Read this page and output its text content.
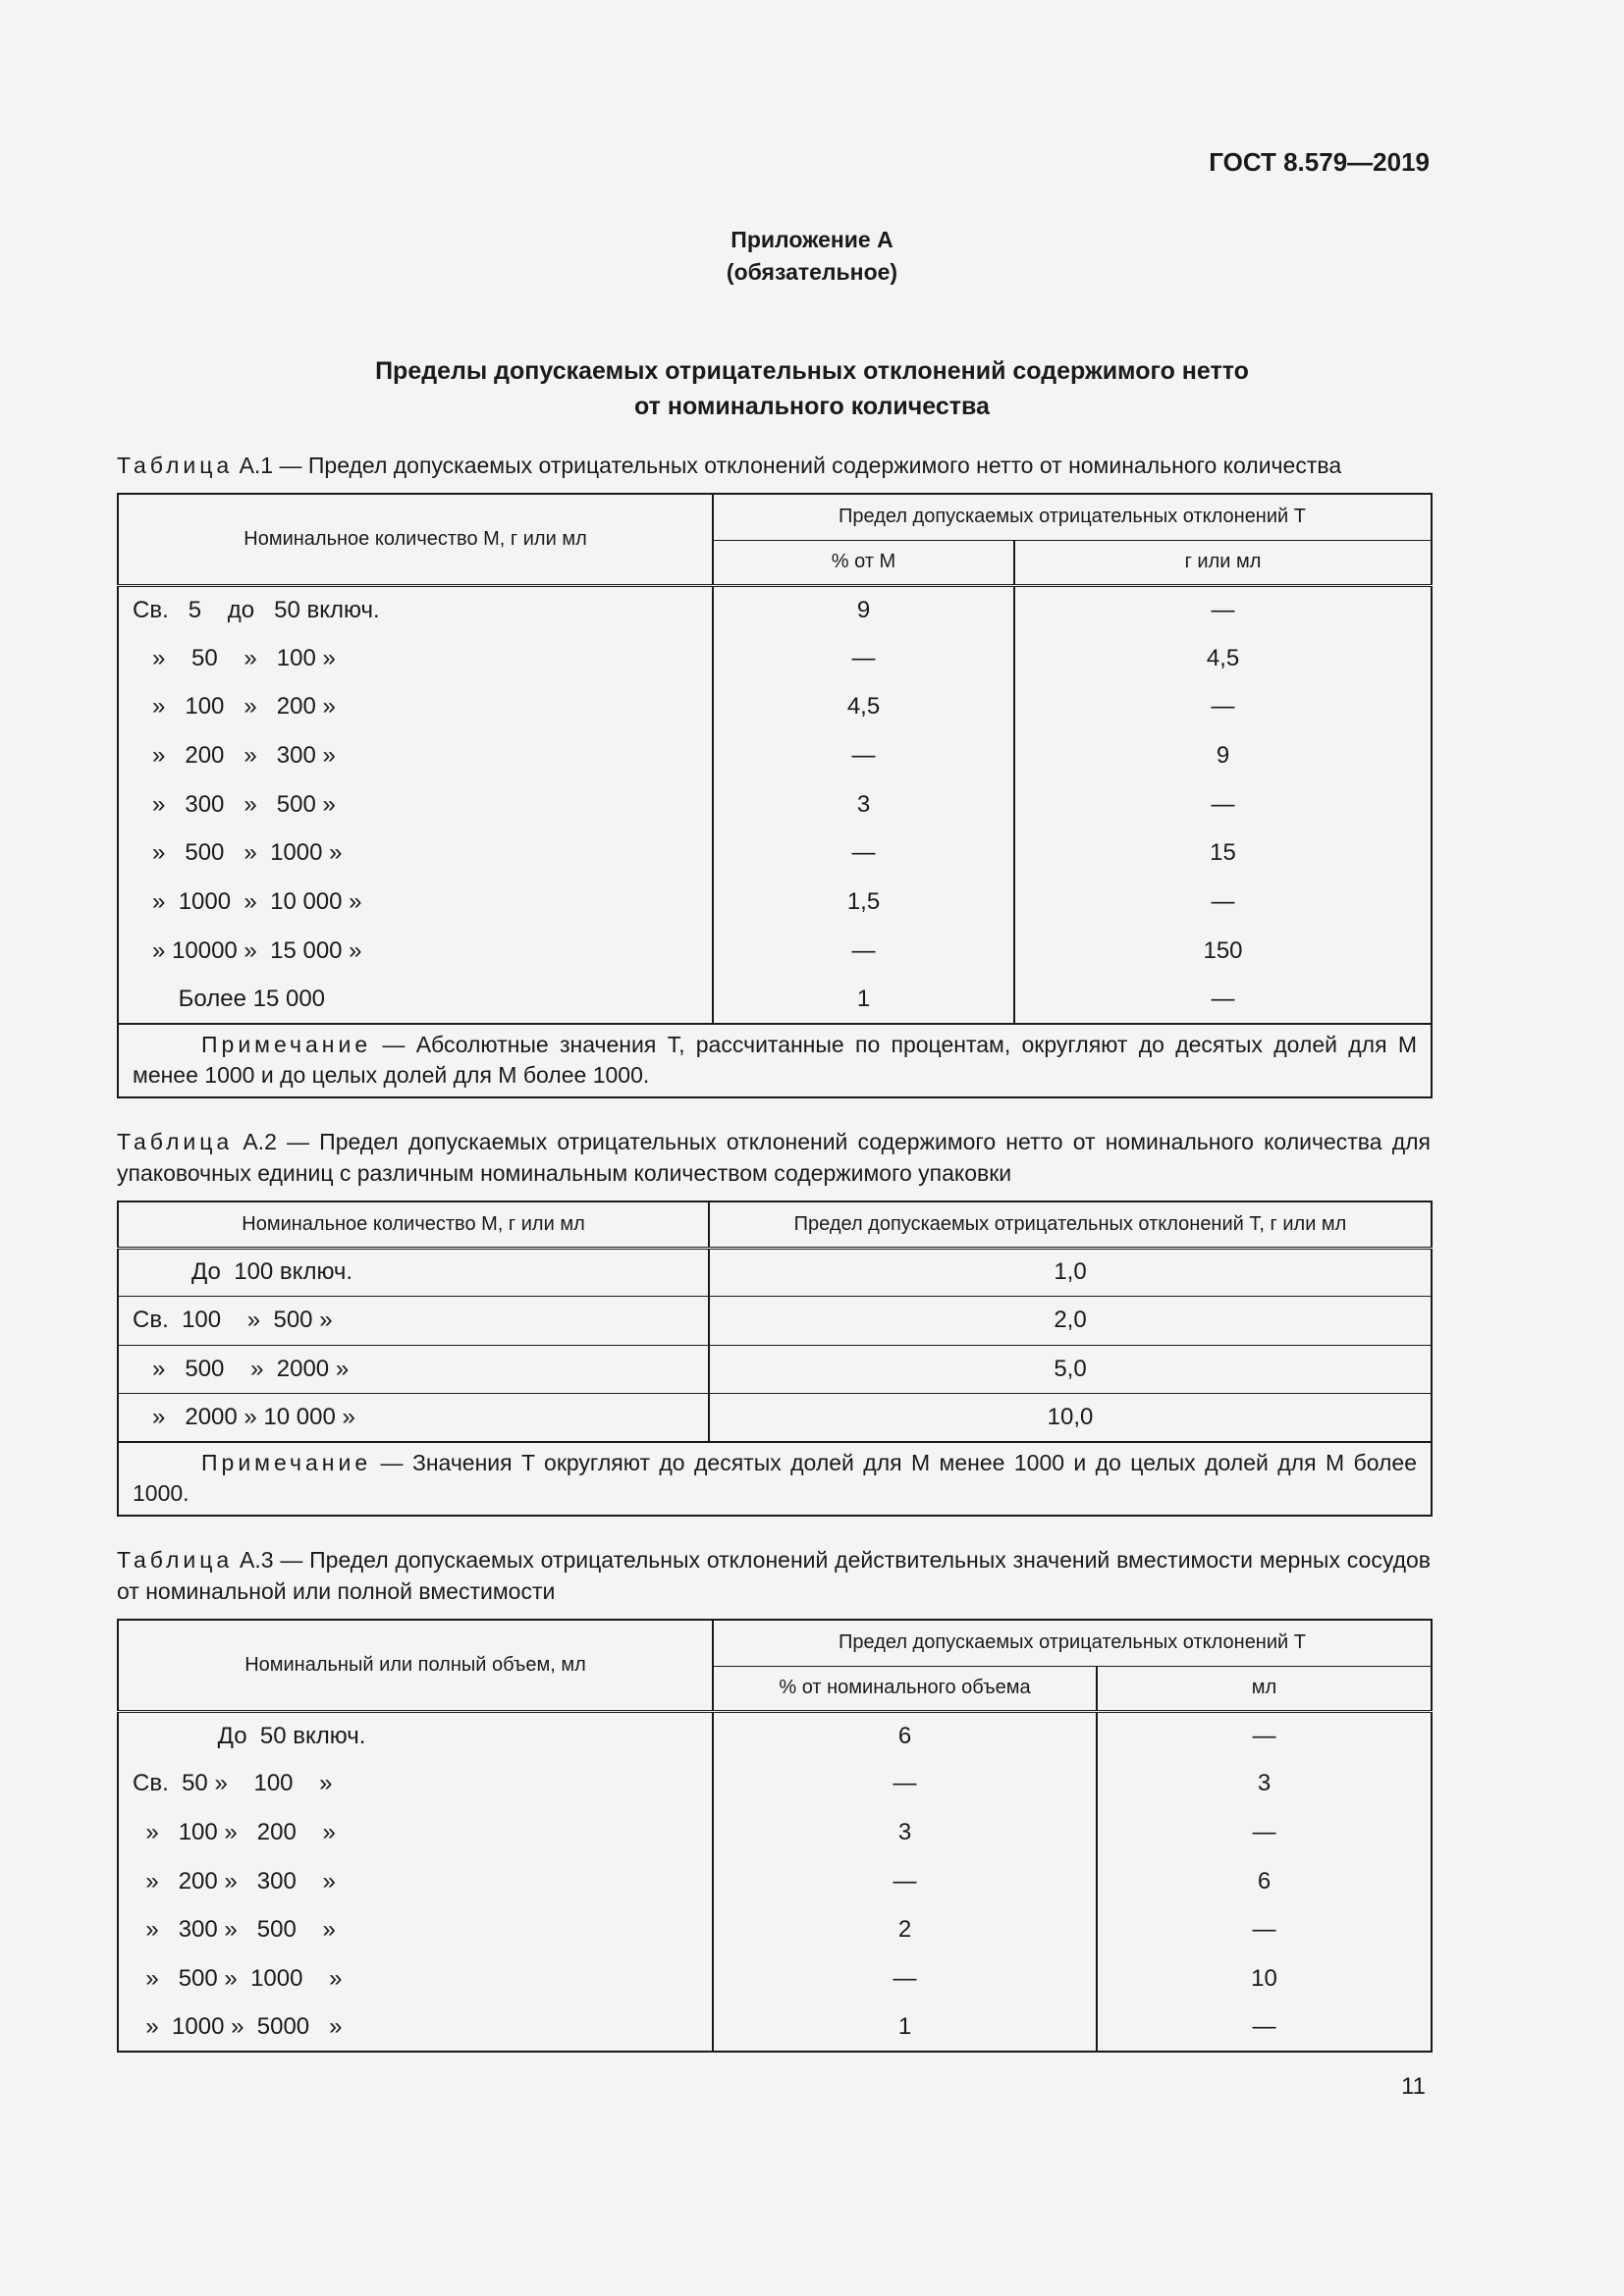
ГОСТ 8.579—2019
Приложение А
(обязательное)
Пределы допускаемых отрицательных отклонений содержимого нетто
от номинального количества
Таблица А.1 — Предел допускаемых отрицательных отклонений содержимого нетто от номинального количества
Номинальное количество M, г или мл	Предел допускаемых отрицательных отклонений T	
	% от M	г или мл
Св.   5    до   50 включ.	9	—
»    50    »   100 »	—	4,5
»   100   »   200 »	4,5	—
»   200   »   300 »	—	9
»   300   »   500 »	3	—
»   500   »  1000 »	—	15
»  1000  »  10 000 »	1,5	—
» 10000 »  15 000 »	—	150
Более 15 000	1	—
Примечание — Абсолютные значения T, рассчитанные по процентам, округляют до десятых долей для M менее 1000 и до целых долей для M более 1000.		
Таблица А.2 — Предел допускаемых отрицательных отклонений содержимого нетто от номинального количества для упаковочных единиц с различным номинальным количеством содержимого упаковки
Номинальное количество M, г или мл	Предел допускаемых отрицательных отклонений T, г или мл
До  100 включ.	1,0
Св.  100    »  500 »	2,0
»   500    »  2000 »	5,0
»   2000 » 10 000 »	10,0
Примечание — Значения T округляют до десятых долей для M менее 1000 и до целых долей для M более 1000.	
Таблица А.3 — Предел допускаемых отрицательных отклонений действительных значений вместимости мерных сосудов от номинальной или полной вместимости
Номинальный или полный объем, мл	Предел допускаемых отрицательных отклонений T	
	% от номинального объема	мл
До  50 включ.	6	—
Св.  50 »    100    »	—	3
»   100 »   200    »	3	—
»   200 »   300    »	—	6
»   300 »   500    »	2	—
»   500 »  1000    »	—	10
»  1000 »  5000   »	1	—
11
